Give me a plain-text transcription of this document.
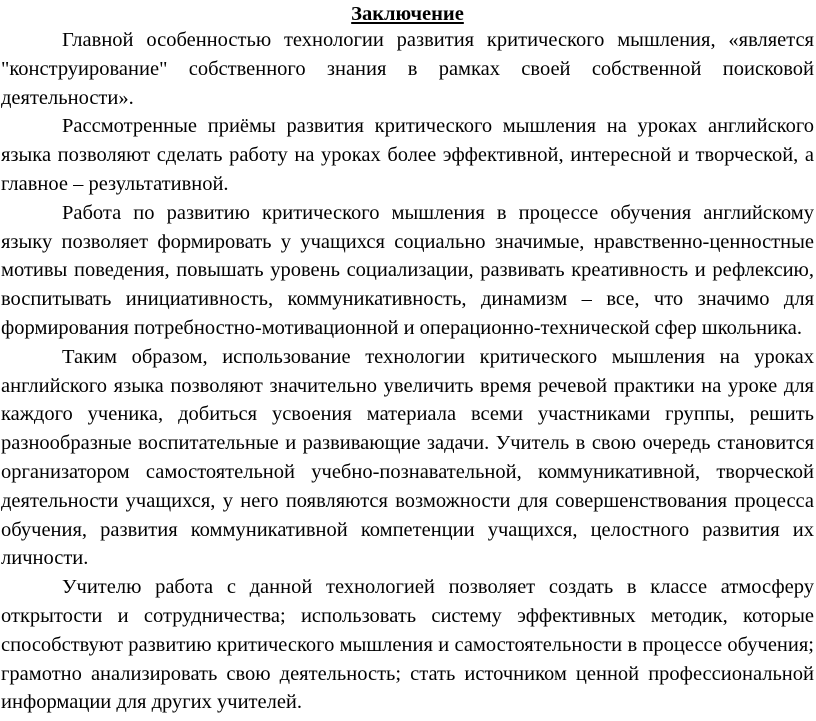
Заключение

Главной особенностью технологии развития критического мышления, «является "конструирование" собственного знания в рамках своей собственной поисковой деятельности».

Рассмотренные приёмы развития критического мышления на уроках английского языка позволяют сделать работу на уроках более эффективной, интересной и творческой, а главное – результативной.

Работа по развитию критического мышления в процессе обучения английскому языку позволяет формировать у учащихся социально значимые, нравственно-ценностные мотивы поведения, повышать уровень социализации, развивать креативность и рефлексию, воспитывать инициативность, коммуникативность, динамизм – все, что значимо для формирования потребностно-мотивационной и операционно-технической сфер школьника.

Таким образом, использование технологии критического мышления на уроках английского языка позволяют значительно увеличить время речевой практики на уроке для каждого ученика, добиться усвоения материала всеми участниками группы, решить разнообразные воспитательные и развивающие задачи. Учитель в свою очередь становится организатором самостоятельной учебно-познавательной, коммуникативной, творческой деятельности учащихся, у него появляются возможности для совершенствования процесса обучения, развития коммуникативной компетенции учащихся, целостного развития их личности.

Учителю работа с данной технологией позволяет создать в классе атмосферу открытости и сотрудничества; использовать систему эффективных методик, которые способствуют развитию критического мышления и самостоятельности в процессе обучения; грамотно анализировать свою деятельность; стать источником ценной профессиональной информации для других учителей.
